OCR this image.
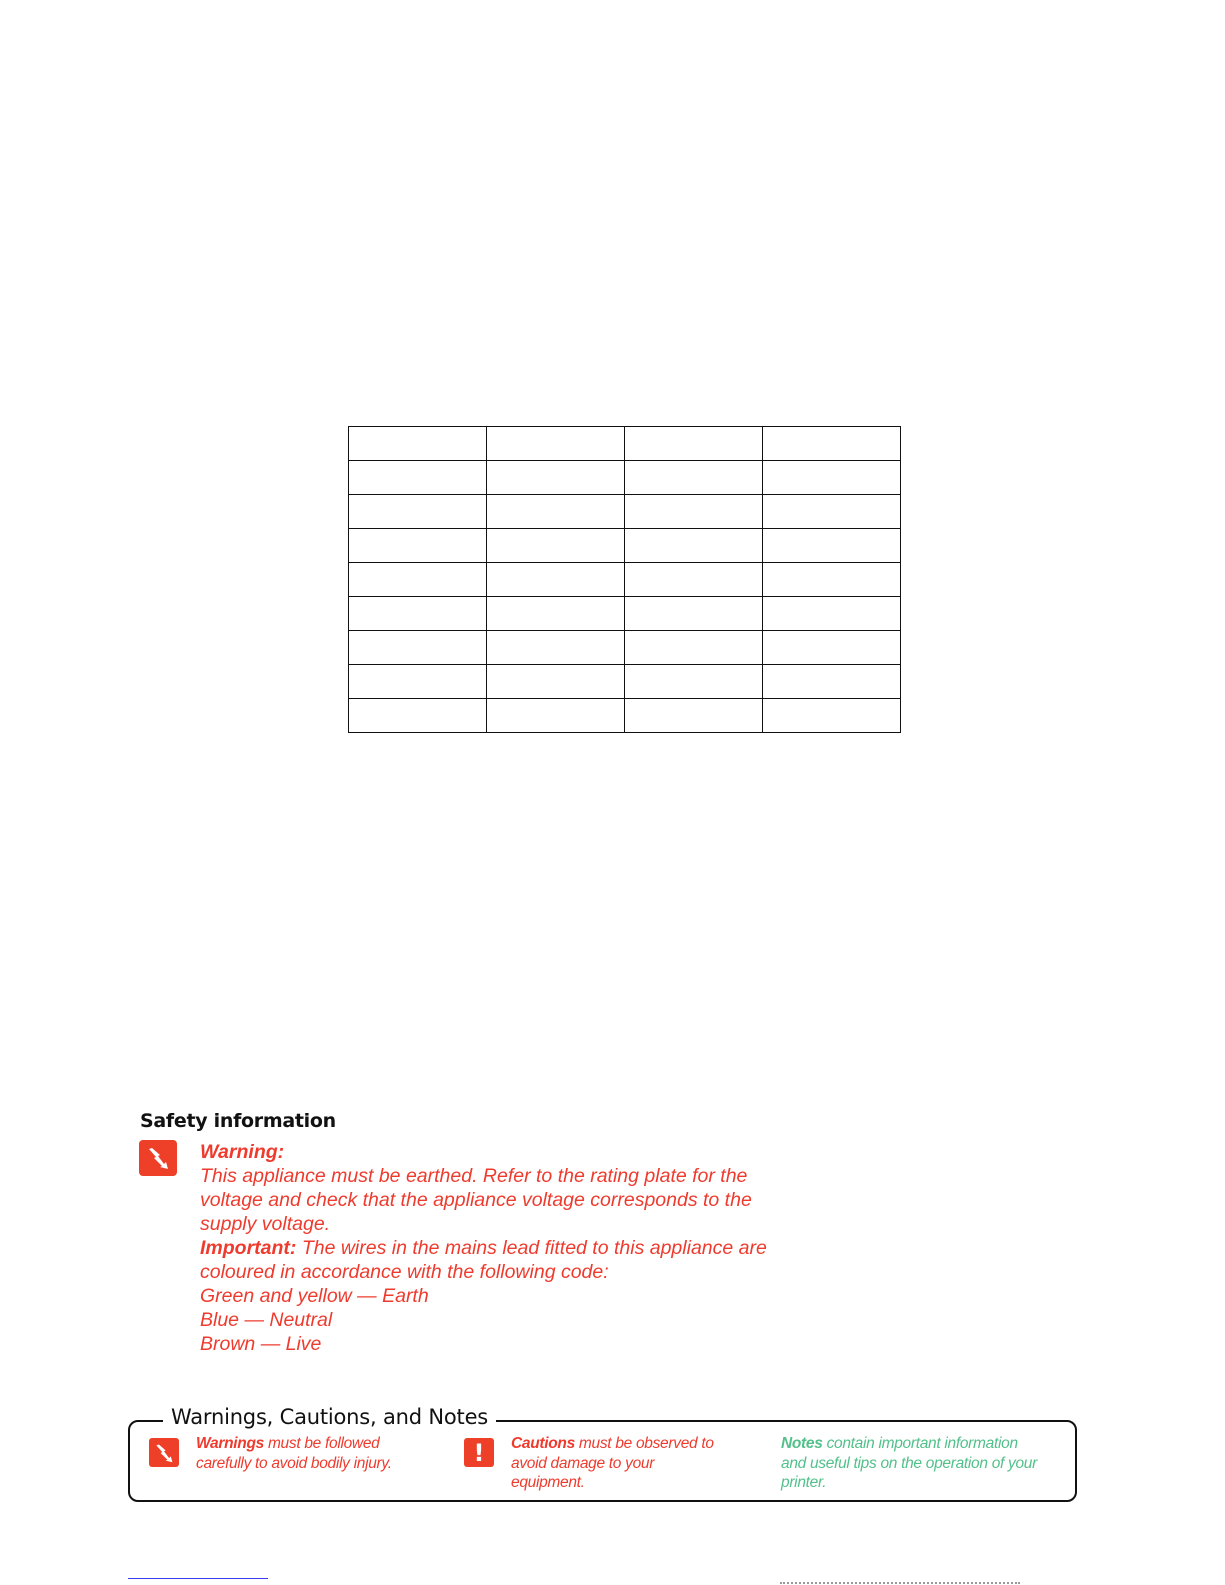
Safety information
Warning:
This appliance must be earthed. Refer to the rating plate for the
voltage and check that the appliance voltage corresponds to the
supply voltage.
Important: The wires in the mains lead fitted to this appliance are
coloured in accordance with the following code:
Green and yellow — Earth
Blue — Neutral
Brown — Live
Warnings, Cautions, and Notes
Warnings must be followed
carefully to avoid bodily injury.	! Cautions must be observed to
avoid damage to your
equipment.
Notes contain important information
and useful tips on the operation of your
printer.
